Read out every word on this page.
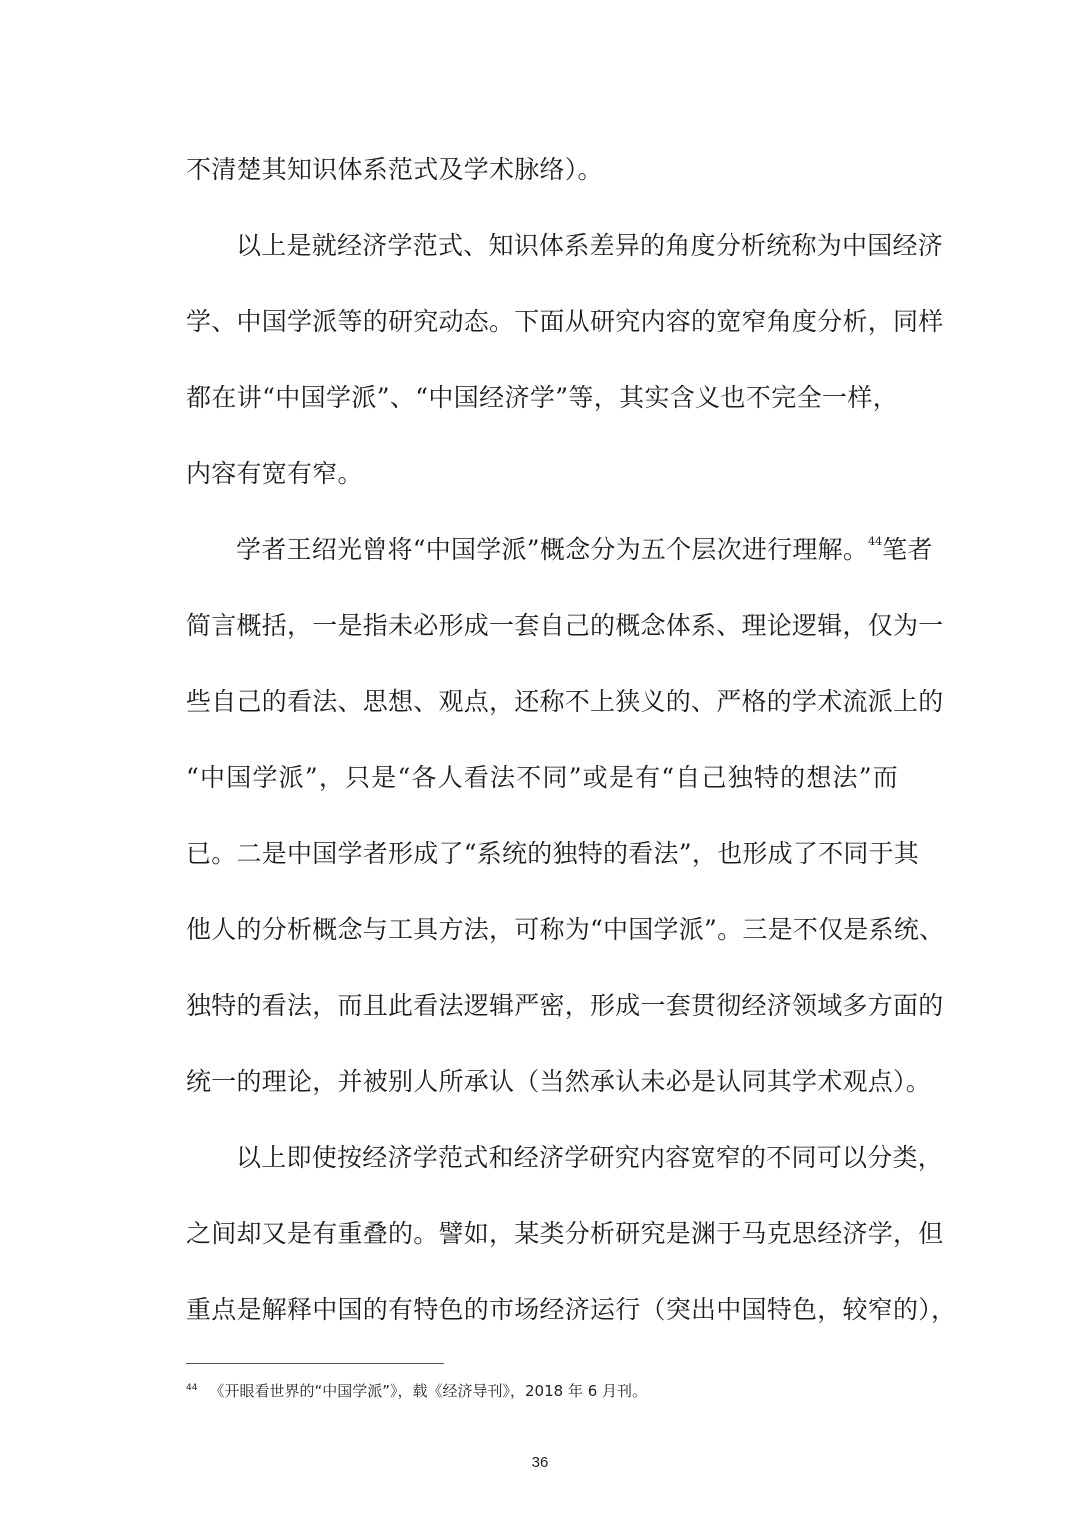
不清楚其知识体系范式及学术脉络）。
以上是就经济学范式、知识体系差异的角度分析统称为中国经济
学、中国学派等的研究动态。下面从研究内容的宽窄角度分析，同样
都在讲“中国学派”、“中国经济学”等，其实含义也不完全一样，
内容有宽有窄。
学者王绍光曾将“中国学派”概念分为五个层次进行理解。$^{44}$笔者
简言概括，一是指未必形成一套自己的概念体系、理论逻辑，仅为一
些自己的看法、思想、观点，还称不上狭义的、严格的学术流派上的
“中国学派”，只是“各人看法不同”或是有“自己独特的想法”而
已。二是中国学者形成了“系统的独特的看法”，也形成了不同于其
他人的分析概念与工具方法，可称为“中国学派”。三是不仅是系统、
独特的看法，而且此看法逻辑严密，形成一套贯彻经济领域多方面的
统一的理论，并被别人所承认（当然承认未必是认同其学术观点）。
以上即使按经济学范式和经济学研究内容宽窄的不同可以分类，
之间却又是有重叠的。譬如，某类分析研究是渊于马克思经济学，但
重点是解释中国的有特色的市场经济运行（突出中国特色，较窄的），
$^{44}$ 《开眼看世界的“中国学派”》，载《经济导刊》，2018 年 6 月刊。
36
